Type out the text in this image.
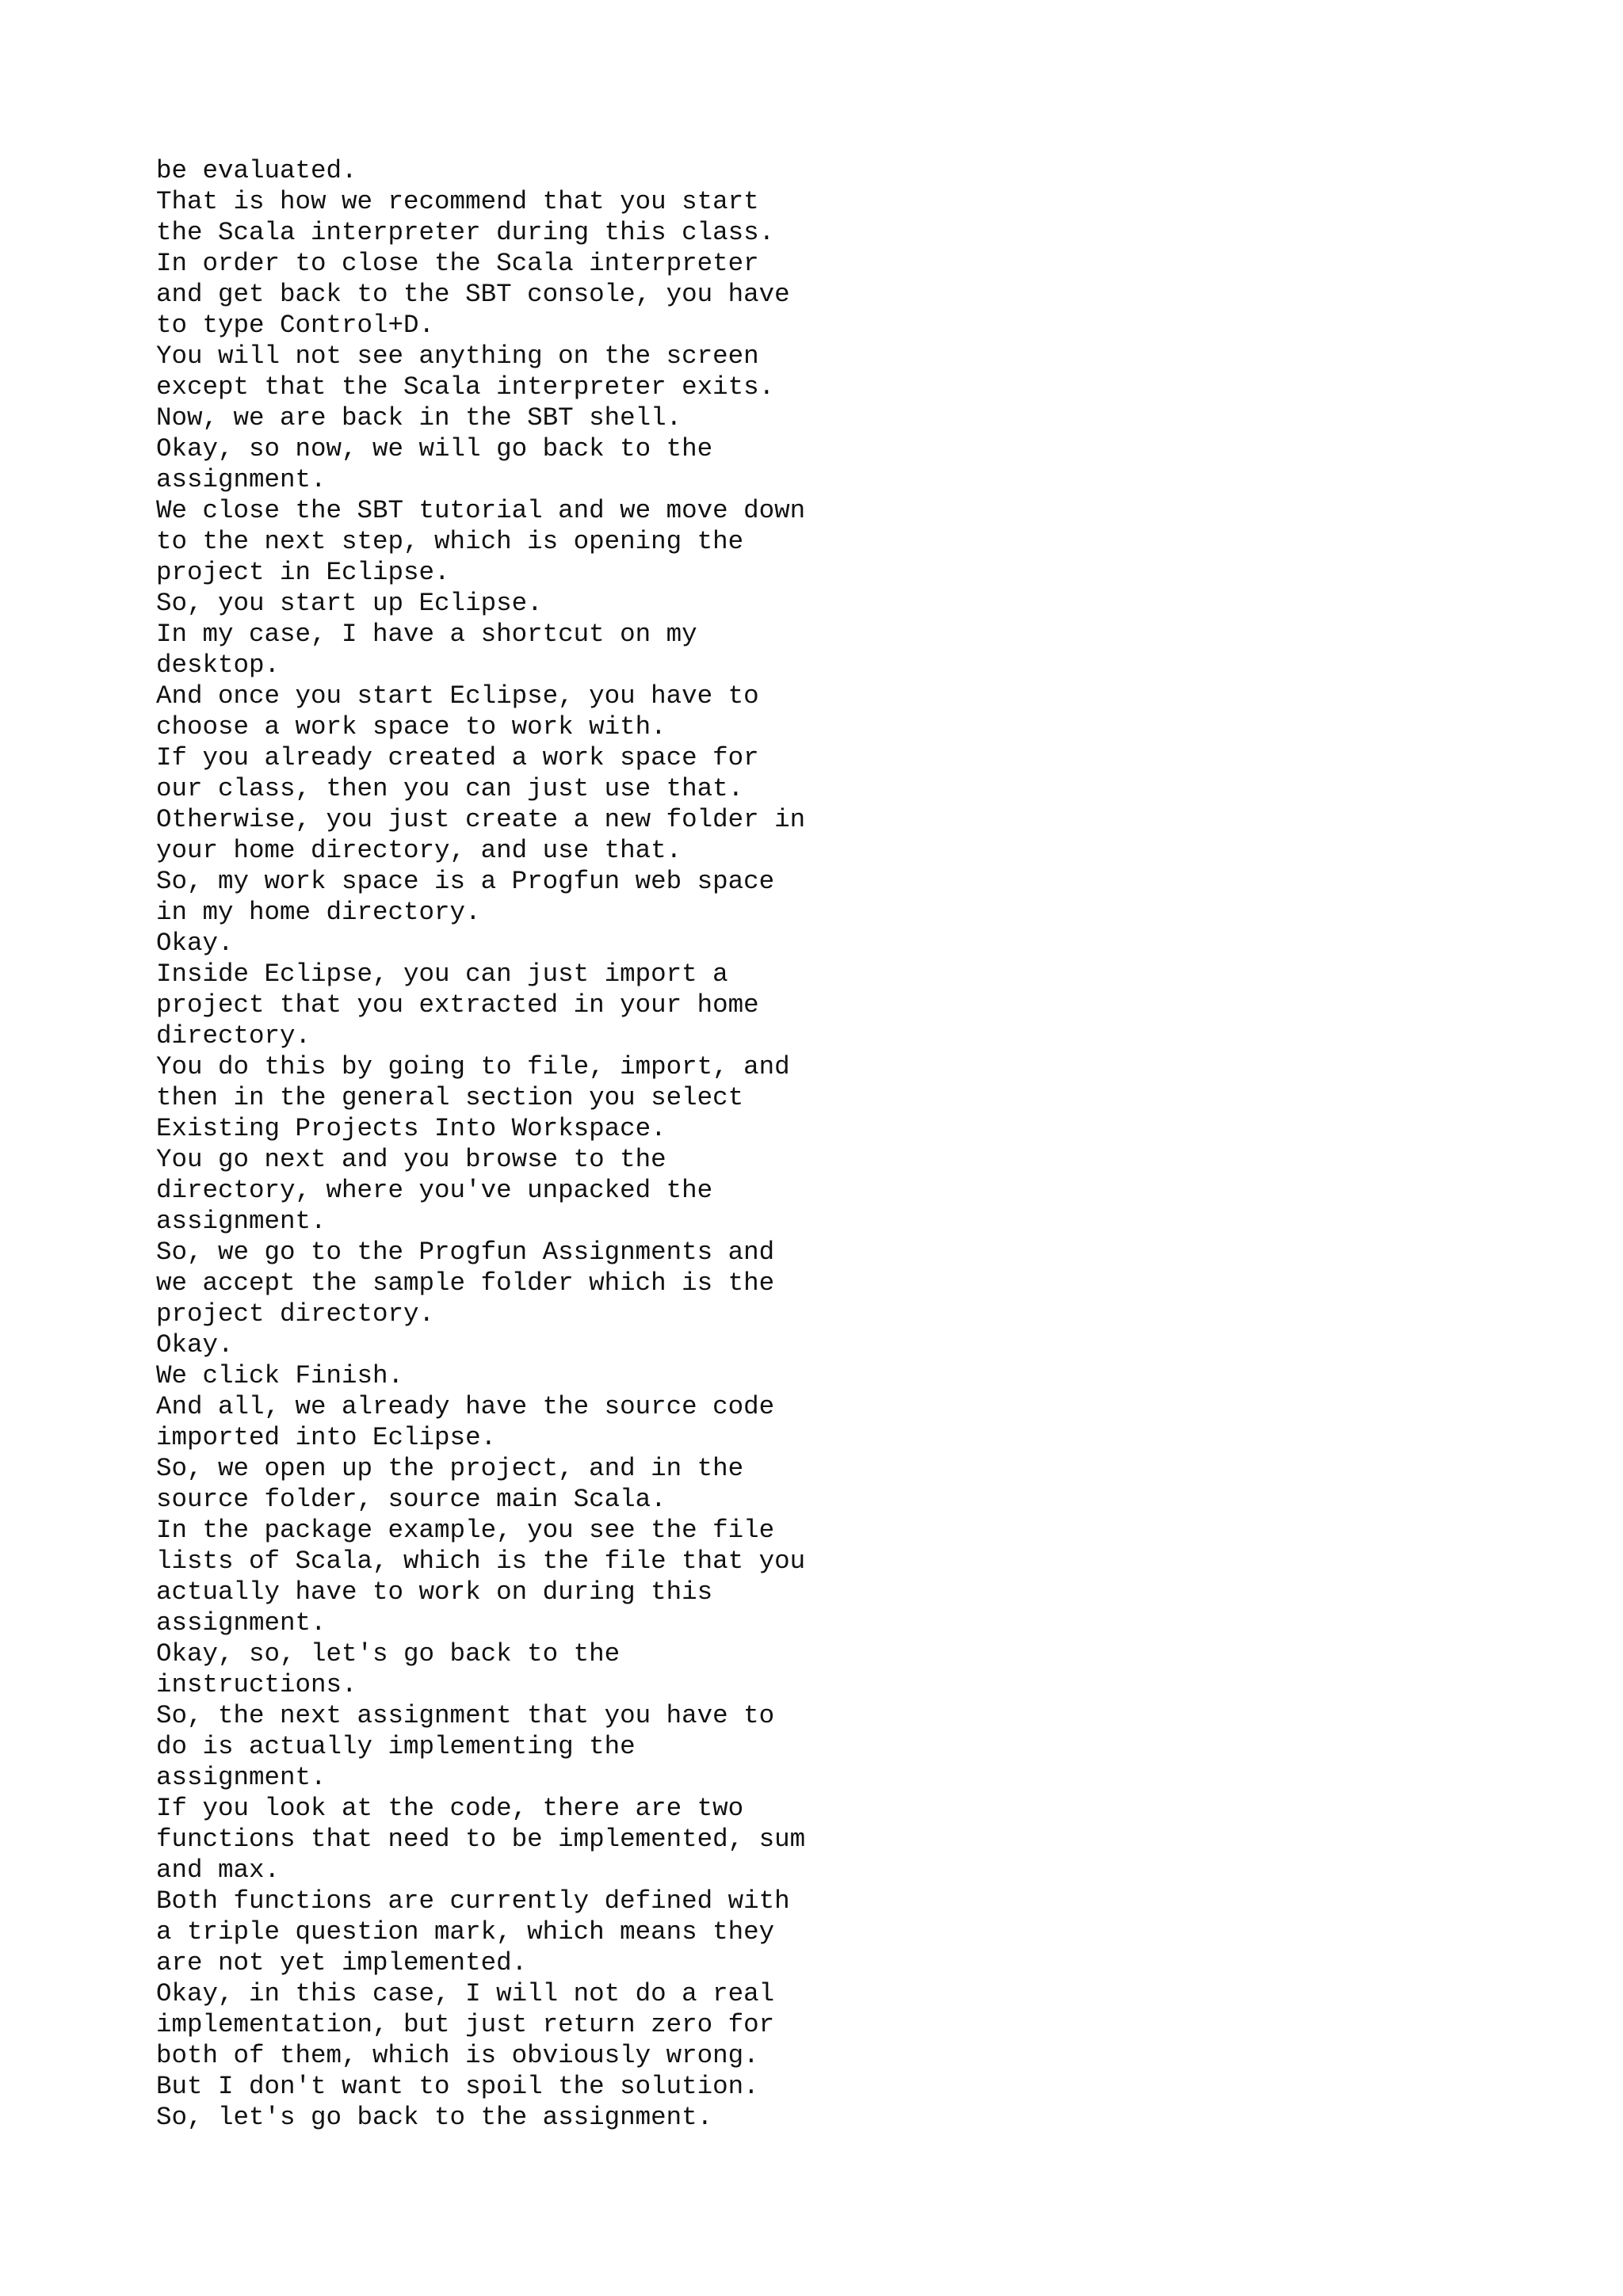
be evaluated.
That is how we recommend that you start
the Scala interpreter during this class.
In order to close the Scala interpreter
and get back to the SBT console, you have
to type Control+D.
You will not see anything on the screen
except that the Scala interpreter exits.
Now, we are back in the SBT shell.
Okay, so now, we will go back to the
assignment.
We close the SBT tutorial and we move down
to the next step, which is opening the
project in Eclipse.
So, you start up Eclipse.
In my case, I have a shortcut on my
desktop.
And once you start Eclipse, you have to
choose a work space to work with.
If you already created a work space for
our class, then you can just use that.
Otherwise, you just create a new folder in
your home directory, and use that.
So, my work space is a Progfun web space
in my home directory.
Okay.
Inside Eclipse, you can just import a
project that you extracted in your home
directory.
You do this by going to file, import, and
then in the general section you select
Existing Projects Into Workspace.
You go next and you browse to the
directory, where you've unpacked the
assignment.
So, we go to the Progfun Assignments and
we accept the sample folder which is the
project directory.
Okay.
We click Finish.
And all, we already have the source code
imported into Eclipse.
So, we open up the project, and in the
source folder, source main Scala.
In the package example, you see the file
lists of Scala, which is the file that you
actually have to work on during this
assignment.
Okay, so, let's go back to the
instructions.
So, the next assignment that you have to
do is actually implementing the
assignment.
If you look at the code, there are two
functions that need to be implemented, sum
and max.
Both functions are currently defined with
a triple question mark, which means they
are not yet implemented.
Okay, in this case, I will not do a real
implementation, but just return zero for
both of them, which is obviously wrong.
But I don't want to spoil the solution.
So, let's go back to the assignment.
